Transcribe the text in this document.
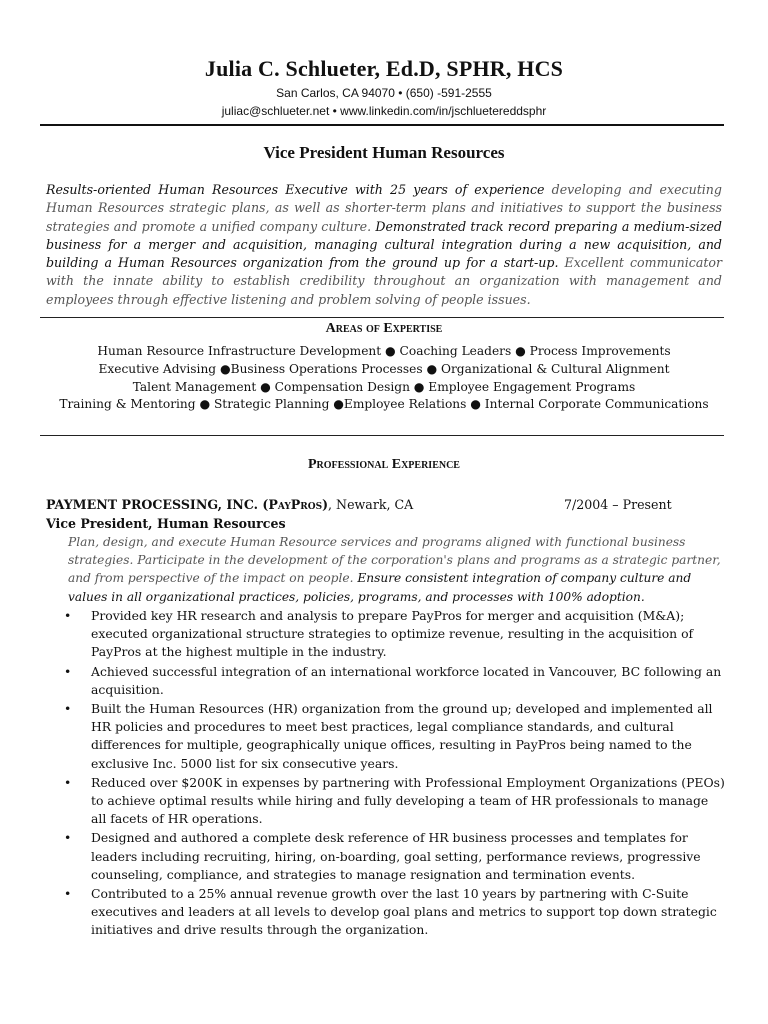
Julia C. Schlueter, Ed.D, SPHR, HCS
San Carlos, CA 94070 • (650) -591-2555
juliac@schlueter.net • www.linkedin.com/in/jschluetereddsphr
Vice President Human Resources
Results-oriented Human Resources Executive with 25 years of experience developing and executing Human Resources strategic plans, as well as shorter-term plans and initiatives to support the business strategies and promote a unified company culture. Demonstrated track record preparing a medium-sized business for a merger and acquisition, managing cultural integration during a new acquisition, and building a Human Resources organization from the ground up for a start-up. Excellent communicator with the innate ability to establish credibility throughout an organization with management and employees through effective listening and problem solving of people issues.
Areas of Expertise
Human Resource Infrastructure Development ● Coaching Leaders ● Process Improvements
Executive Advising ●Business Operations Processes ● Organizational & Cultural Alignment
Talent Management ● Compensation Design ● Employee Engagement Programs
Training & Mentoring ● Strategic Planning ●Employee Relations ● Internal Corporate Communications
Professional Experience
PAYMENT PROCESSING, INC. (PayPros), Newark, CA	7/2004 – Present
Vice President, Human Resources
Plan, design, and execute Human Resource services and programs aligned with functional business strategies. Participate in the development of the corporation's plans and programs as a strategic partner, and from perspective of the impact on people. Ensure consistent integration of company culture and values in all organizational practices, policies, programs, and processes with 100% adoption.
• Provided key HR research and analysis to prepare PayPros for merger and acquisition (M&A); executed organizational structure strategies to optimize revenue, resulting in the acquisition of PayPros at the highest multiple in the industry.
• Achieved successful integration of an international workforce located in Vancouver, BC following an acquisition.
• Built the Human Resources (HR) organization from the ground up; developed and implemented all HR policies and procedures to meet best practices, legal compliance standards, and cultural differences for multiple, geographically unique offices, resulting in PayPros being named to the exclusive Inc. 5000 list for six consecutive years.
• Reduced over $200K in expenses by partnering with Professional Employment Organizations (PEOs) to achieve optimal results while hiring and fully developing a team of HR professionals to manage all facets of HR operations.
• Designed and authored a complete desk reference of HR business processes and templates for leaders including recruiting, hiring, on-boarding, goal setting, performance reviews, progressive counseling, compliance, and strategies to manage resignation and termination events.
• Contributed to a 25% annual revenue growth over the last 10 years by partnering with C-Suite executives and leaders at all levels to develop goal plans and metrics to support top down strategic initiatives and drive results through the organization.
